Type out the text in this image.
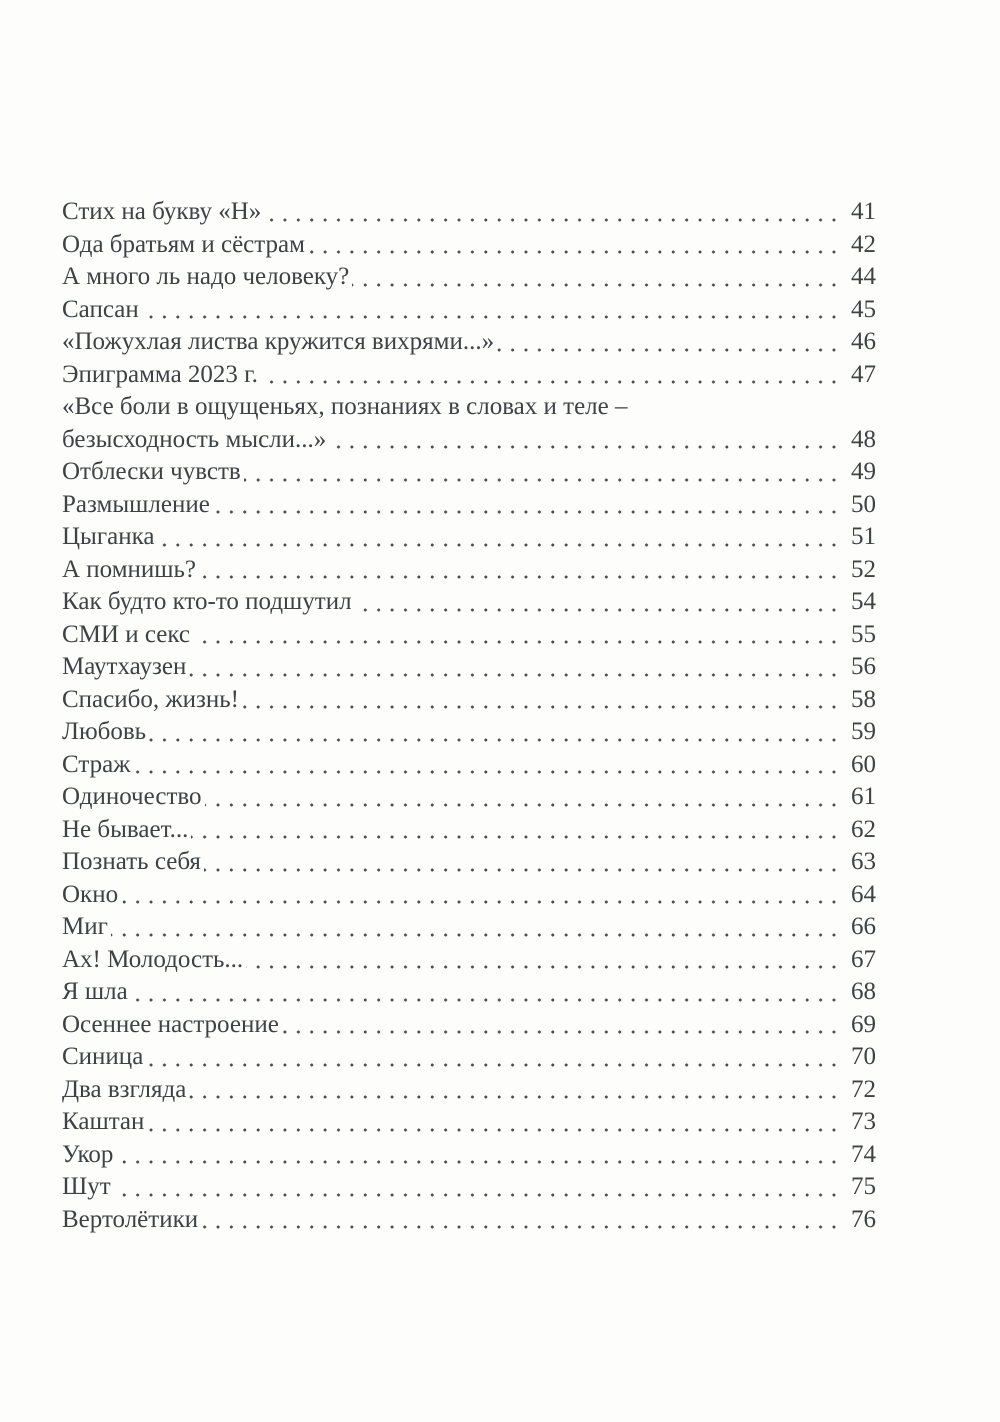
Стих на букву «Н»	41
Ода братьям и сёстрам	42
А много ль надо человеку?	44
Сапсан	45
«Пожухлая листва кружится вихрями...»	46
Эпиграмма 2023 г.	47
«Все боли в ощущеньях, познаниях в словах и теле –
безысходность мысли...»	48
Отблески чувств	49
Размышление	50
Цыганка	51
А помнишь?	52
Как будто кто-то подшутил	54
СМИ и секс	55
Маутхаузен	56
Спасибо, жизнь!	58
Любовь	59
Страж	60
Одиночество	61
Не бывает...	62
Познать себя	63
Окно	64
Миг	66
Ах! Молодость...	67
Я шла	68
Осеннее настроение	69
Синица	70
Два взгляда	72
Каштан	73
Укор	74
Шут	75
Вертолётики	76
